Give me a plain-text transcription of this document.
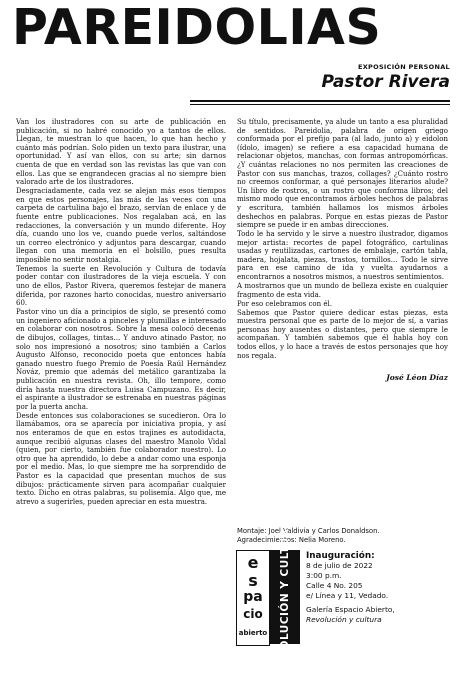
PAREIDOLIAS
EXPOSICIÓN PERSONAL
Pastor Rivera

Van los ilustradores con su arte de publicación en publicación, si no habré conocido yo a tantos de ellos. Llegan, te muestran lo que hacen, lo que han hecho y cuánto más podrían. Solo piden un texto para ilustrar, una oportunidad. Y así van ellos, con su arte; sin darnos cuenta de que en verdad son las revistas las que van con ellos. Las que se engrandecen gracias al no siempre bien valorado arte de los ilustradores.

Desgraciadamente, cada vez se alejan más esos tiempos en que estos personajes, las más de las veces con una carpeta de cartulina bajo el brazo, servían de enlace y de fuente entre publicaciones. Nos regalaban acá, en las redacciones, la conversación y un mundo diferente. Hoy día, cuando uno los ve, cuando puede verlos, saltándose un correo electrónico y adjuntos para descargar, cuando llegan con una memoria en el bolsillo, pues resulta imposible no sentir nostalgia.

Tenemos la suerte en Revolución y Cultura de todavía poder contar con ilustradores de la vieja escuela. Y con uno de ellos, Pastor Rivera, queremos festejar de manera diferida, por razones harto conocidas, nuestro aniversario 60.

Pastor vino un día a principios de siglo, se presentó como un ingeniero aficionado a pinceles y plumillas e interesado en colaborar con nosotros. Sobre la mesa colocó decenas de dibujos, collages, tintas... Y anduvo atinado Pastor, no solo nos impresionó a nosotros; sino también a Carlos Augusto Alfonso, reconocido poeta que entonces había ganado nuestro fuego Premio de Poesía Raúl Hernández Nováz, premio que además del metálico garantizaba la publicación en nuestra revista. Oh, illo tempore, como diría hasta nuestra directora Luisa Campuzano. Es decir, el aspirante a ilustrador se estrenaba en nuestras páginas por la puerta ancha.

Desde entonces sus colaboraciones se sucedieron. Ora lo llamábamos, ora se aparecía por iniciativa propia, y así nos enteramos de que en estos trajines es autodidacta, aunque recibió algunas clases del maestro Manolo Vidal (quien, por cierto, también fue colaborador nuestro). Lo otro que ha aprendido, lo debe a andar como una esponja por el medio. Mas, lo que siempre me ha sorprendido de Pastor es la capacidad que presentan muchos de sus dibujos: prácticamente sirven para acompañar cualquier texto. Dicho en otras palabras, su polisemia. Algo que, me atrevo a sugerirles, pueden apreciar en esta muestra.

Su título, precisamente, ya alude un tanto a esa pluralidad de sentidos. Pareidolia, palabra de origen griego conformada por el prefijo para (al lado, junto a) y eidolon (ídolo, imagen) se refiere a esa capacidad humana de relacionar objetos, manchas, con formas antropomórficas. ¿Y cuántas relaciones no nos permiten las creaciones de Pastor con sus manchas, trazos, collages? ¿Cuánto rostro no creemos conformar, a qué personajes literarios alude? Un libro de rostros, o un rostro que conforma libros; del mismo modo que encontramos árboles hechos de palabras y escritura, también hallamos los mismos árboles deshechos en palabras. Porque en estas piezas de Pastor siempre se puede ir en ambas direcciones.

Todo le ha servido y le sirve a nuestro ilustrador, digamos mejor artista: recortes de papel fotográfico, cartulinas usadas y reutilizadas, cartones de embalaje, cartón tabla, madera, hojalata, piezas, trastos, tornillos... Todo le sirve para en ese camino de ida y vuelta ayudarnos a encontrarnos a nosotros mismos, a nuestros sentimientos.

A mostrarnos que un mundo de belleza existe en cualquier fragmento de esta vida.

Por eso celebramos con él.

Sabemos que Pastor quiere dedicar estas piezas, esta muestra personal que es parte de lo mejor de sí, a varias personas hoy ausentes o distantes, pero que siempre le acompañan. Y también sabemos que él habla hoy con todos ellos, y lo hace a través de estos personajes que hoy nos regala.

José Léon Díaz
Montaje: Joel Valdivia y Carlos Donaldson.
Agradecimientos: Nelia Moreno.
e
s
pa
cio
abierto REVOLUCIÓN Y CULTURA Inauguración:
8 de julio de 2022
3:00 p.m.
Calle 4 No. 205
e/ Línea y 11, Vedado.
Galería Espacio Abierto,
Revolución y cultura
